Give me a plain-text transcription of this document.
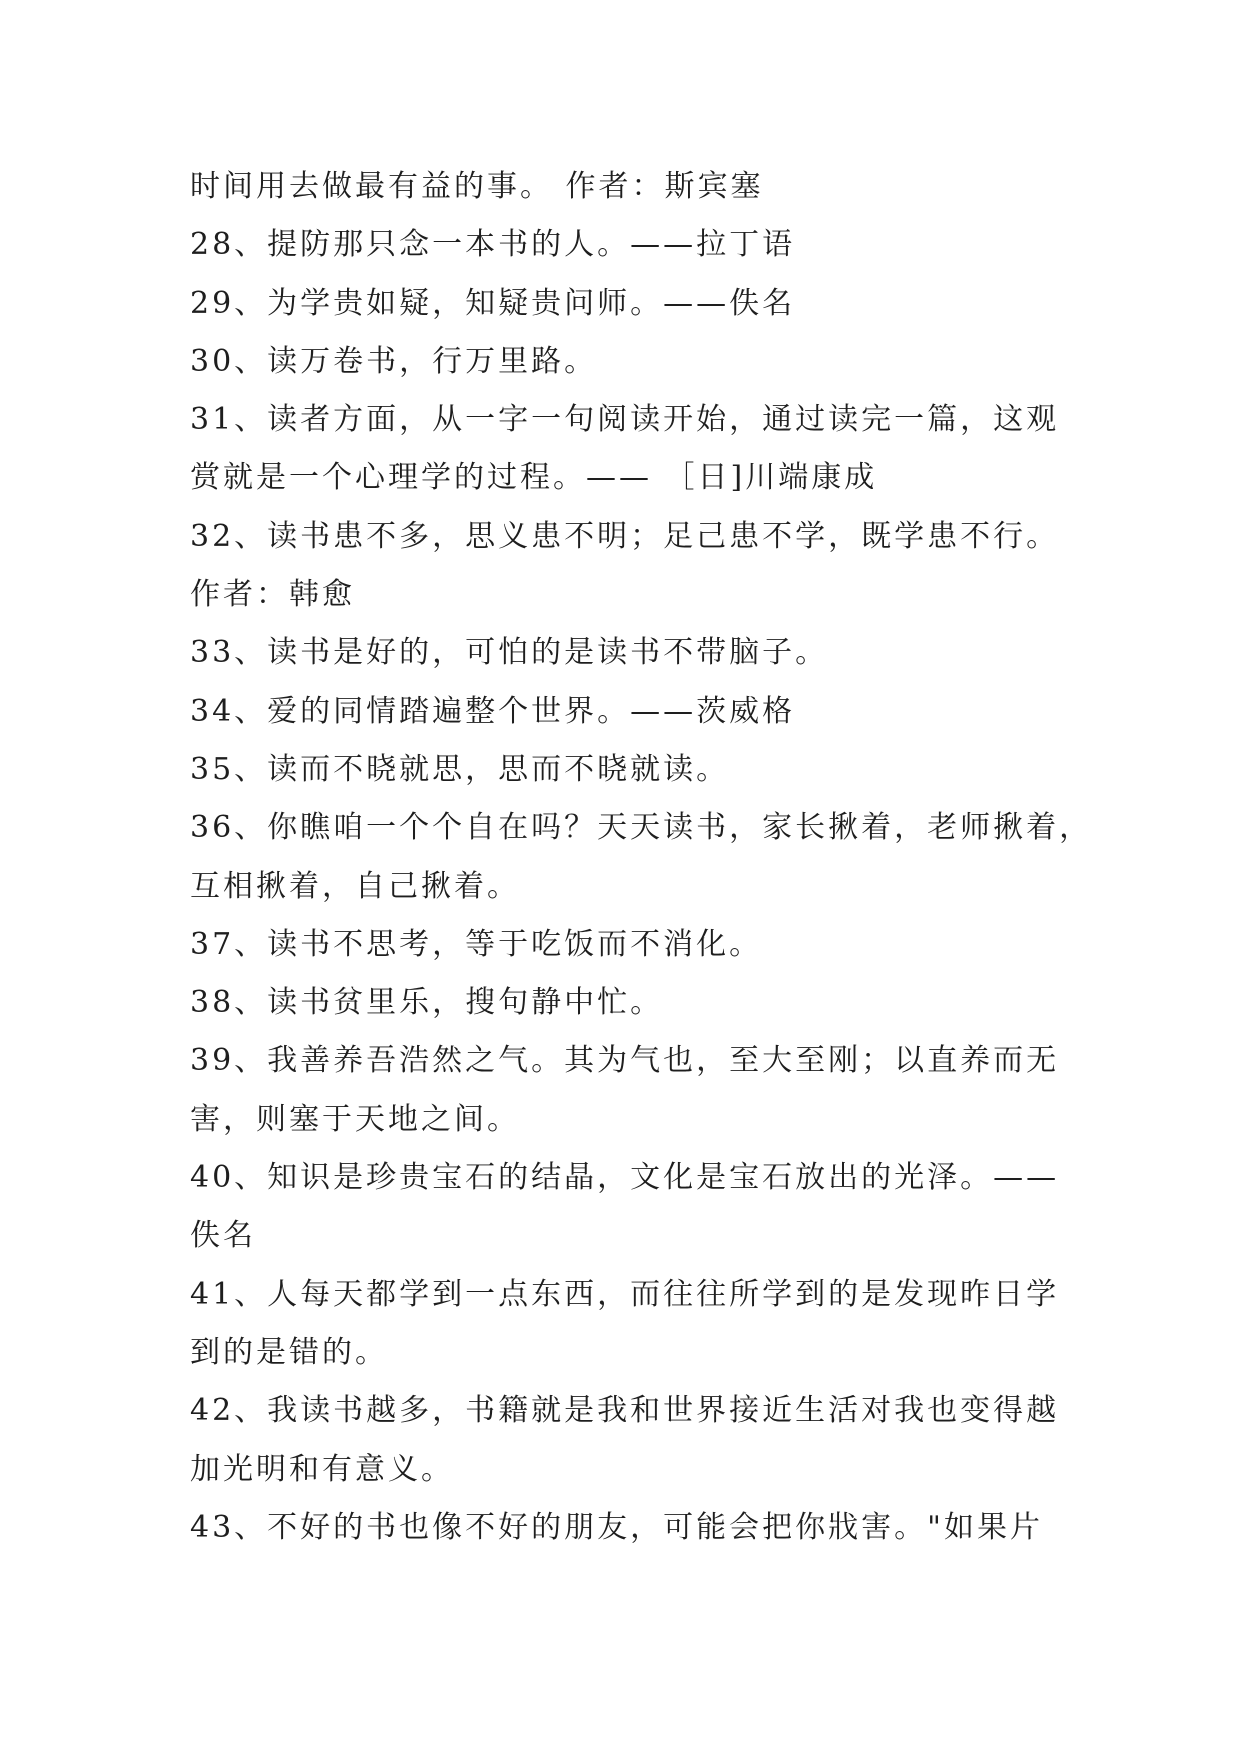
时间用去做最有益的事。 作者：斯宾塞
28、提防那只念一本书的人。——拉丁语
29、为学贵如疑，知疑贵问师。——佚名
30、读万卷书，行万里路。
31、读者方面，从一字一句阅读开始，通过读完一篇，这观
赏就是一个心理学的过程。—— ［日]川端康成
32、读书患不多，思义患不明；足己患不学，既学患不行。
作者：韩愈
33、读书是好的，可怕的是读书不带脑子。
34、爱的同情踏遍整个世界。——茨威格
35、读而不晓就思，思而不晓就读。
36、你瞧咱一个个自在吗？天天读书，家长揪着，老师揪着，
互相揪着，自己揪着。
37、读书不思考，等于吃饭而不消化。
38、读书贫里乐，搜句静中忙。
39、我善养吾浩然之气。其为气也，至大至刚；以直养而无
害，则塞于天地之间。
40、知识是珍贵宝石的结晶，文化是宝石放出的光泽。——
佚名
41、人每天都学到一点东西，而往往所学到的是发现昨日学
到的是错的。
42、我读书越多，书籍就是我和世界接近生活对我也变得越
加光明和有意义。
43、不好的书也像不好的朋友，可能会把你戕害。"如果片
